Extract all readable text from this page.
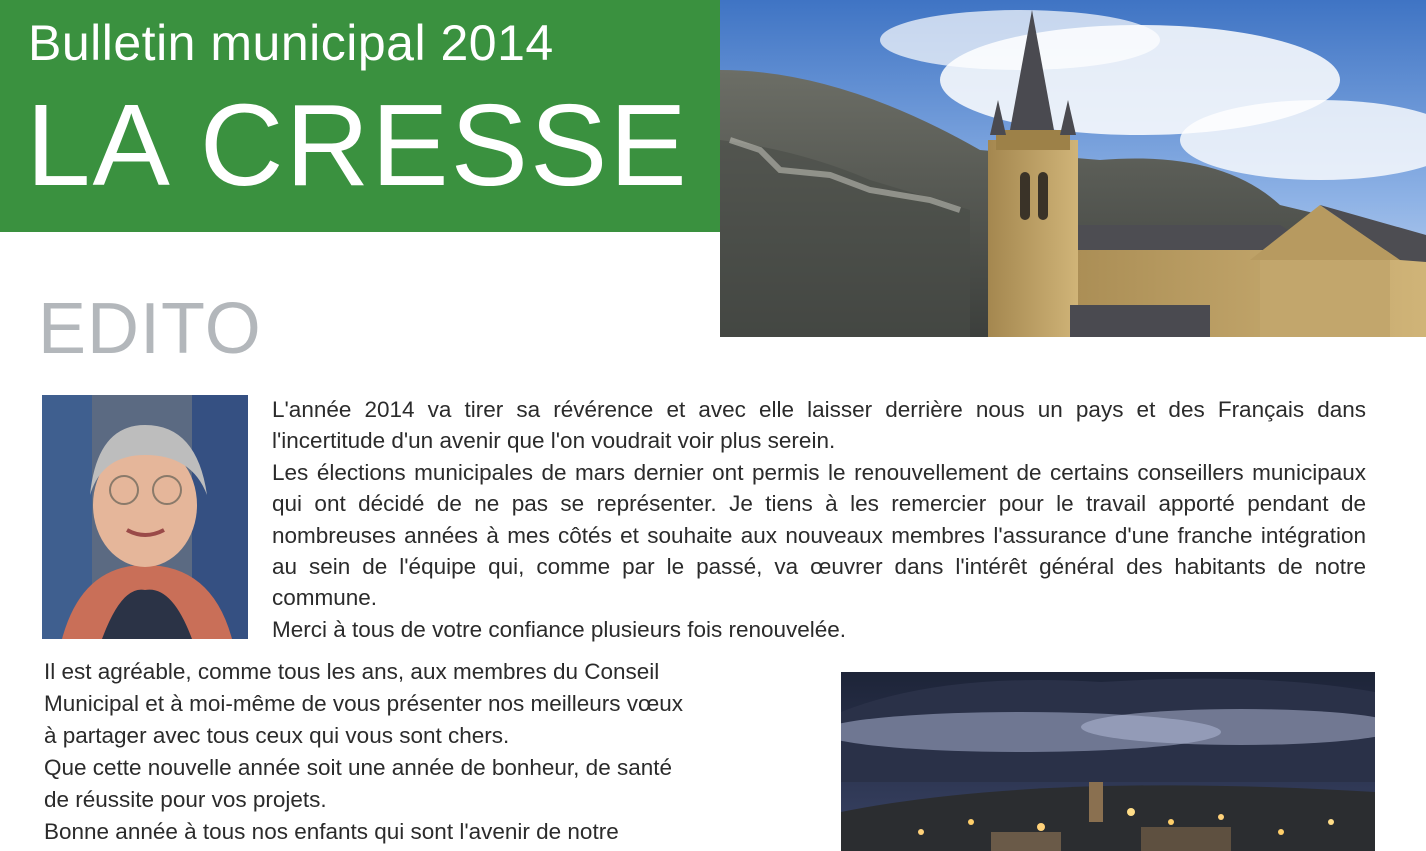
Bulletin municipal 2014
LA CRESSE
EDITO
L'année 2014 va tirer sa révérence et avec elle laisser derrière nous un pays et des Français dans l'incertitude d'un avenir que l'on voudrait voir plus serein.
Les élections municipales de mars dernier ont permis le renouvellement de certains conseillers municipaux qui ont décidé de ne pas se représenter. Je tiens à les remercier pour le travail apporté pendant de nombreuses années à mes côtés et souhaite aux nouveaux membres l'assurance d'une franche intégration au sein de l'équipe qui, comme par le passé, va œuvrer dans l'intérêt général des habitants de notre commune.
Merci à tous de votre confiance plusieurs fois renouvelée.
Il est agréable, comme tous les ans, aux membres du Conseil
Municipal et à moi-même de vous présenter nos meilleurs vœux
à partager avec tous ceux qui vous sont chers.
Que cette nouvelle année soit une année de bonheur, de santé
de réussite pour vos projets.
Bonne année à tous nos enfants qui sont l'avenir de notre
